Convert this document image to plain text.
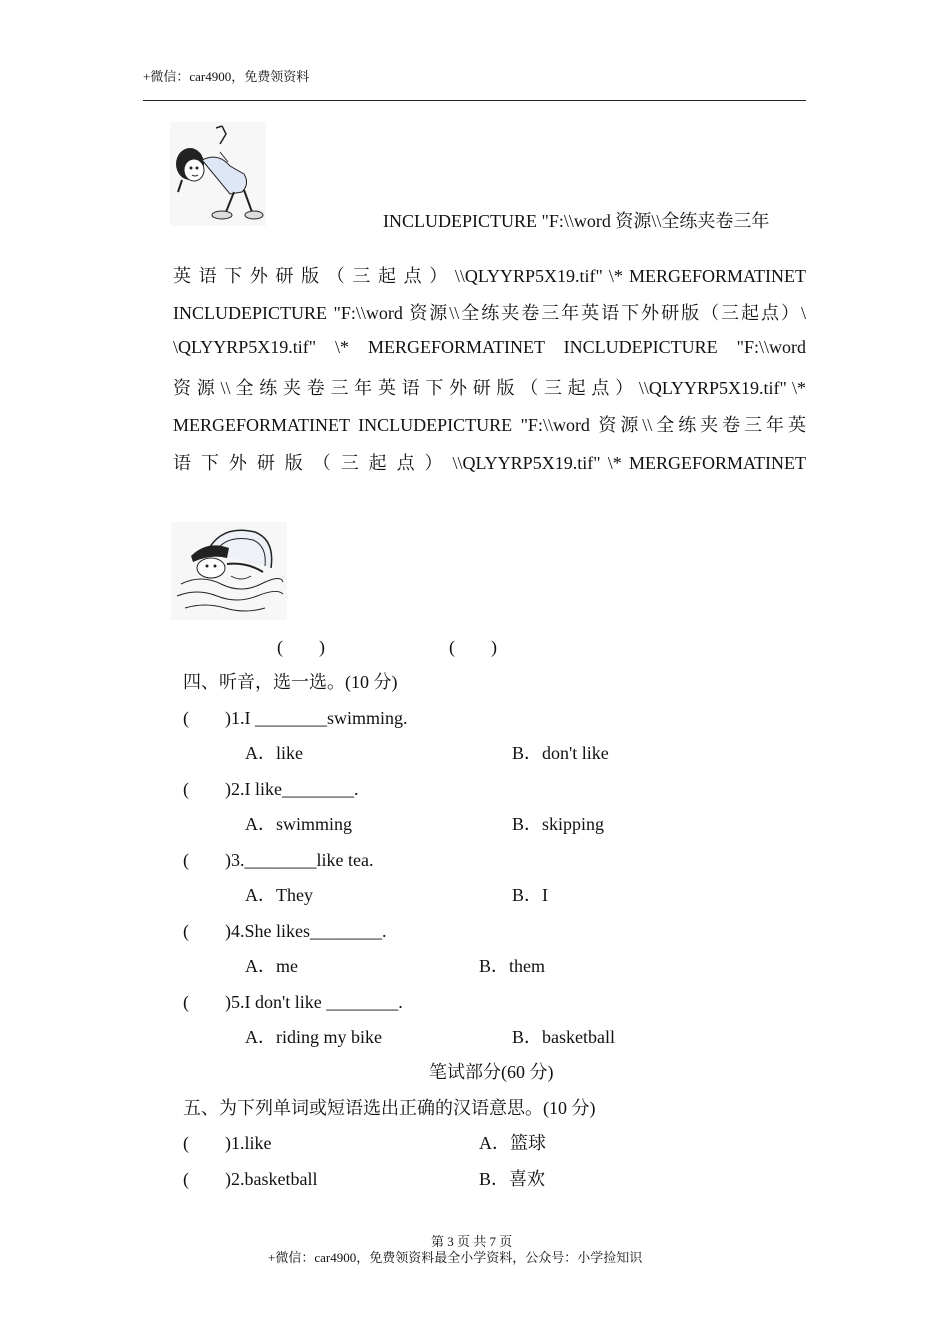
+微信：car4900，免费领资料
INCLUDEPICTURE "F:\\word 资源\\全练夹卷三年
英 语 下 外 研 版 （ 三 起 点 ） \\QLYYRP5X19.tif" \* MERGEFORMATINET
INCLUDEPICTURE "F:\\word 资源\\全练夹卷三年英语下外研版（三起点）\
\QLYYRP5X19.tif" \* MERGEFORMATINET INCLUDEPICTURE "F:\\word
资 源 \\ 全 练 夹 卷 三 年 英 语 下 外 研 版 （ 三 起 点 ） \\QLYYRP5X19.tif" \*
MERGEFORMATINET INCLUDEPICTURE "F:\\word 资源\\全练夹卷三年英
语 下 外 研 版 （ 三 起 点 ） \\QLYYRP5X19.tif" \* MERGEFORMATINET
(　　)	(　　)
四、听音，选一选。(10 分)
(　　)1.I ________swimming.
A．like	B．don't like
(　　)2.I like________.
A．swimming	B．skipping
(　　)3.________like tea.
A．They	B．I
(　　)4.She likes________.
A．me	B．them
(　　)5.I don't like ________.
A．riding my bike	B．basketball
笔试部分(60 分)
五、为下列单词或短语选出正确的汉语意思。(10 分)
(　　)1.like	A．篮球
(　　)2.basketball	B．喜欢
第 3 页 共 7 页
+微信：car4900，免费领资料最全小学资料，公众号：小学捡知识
